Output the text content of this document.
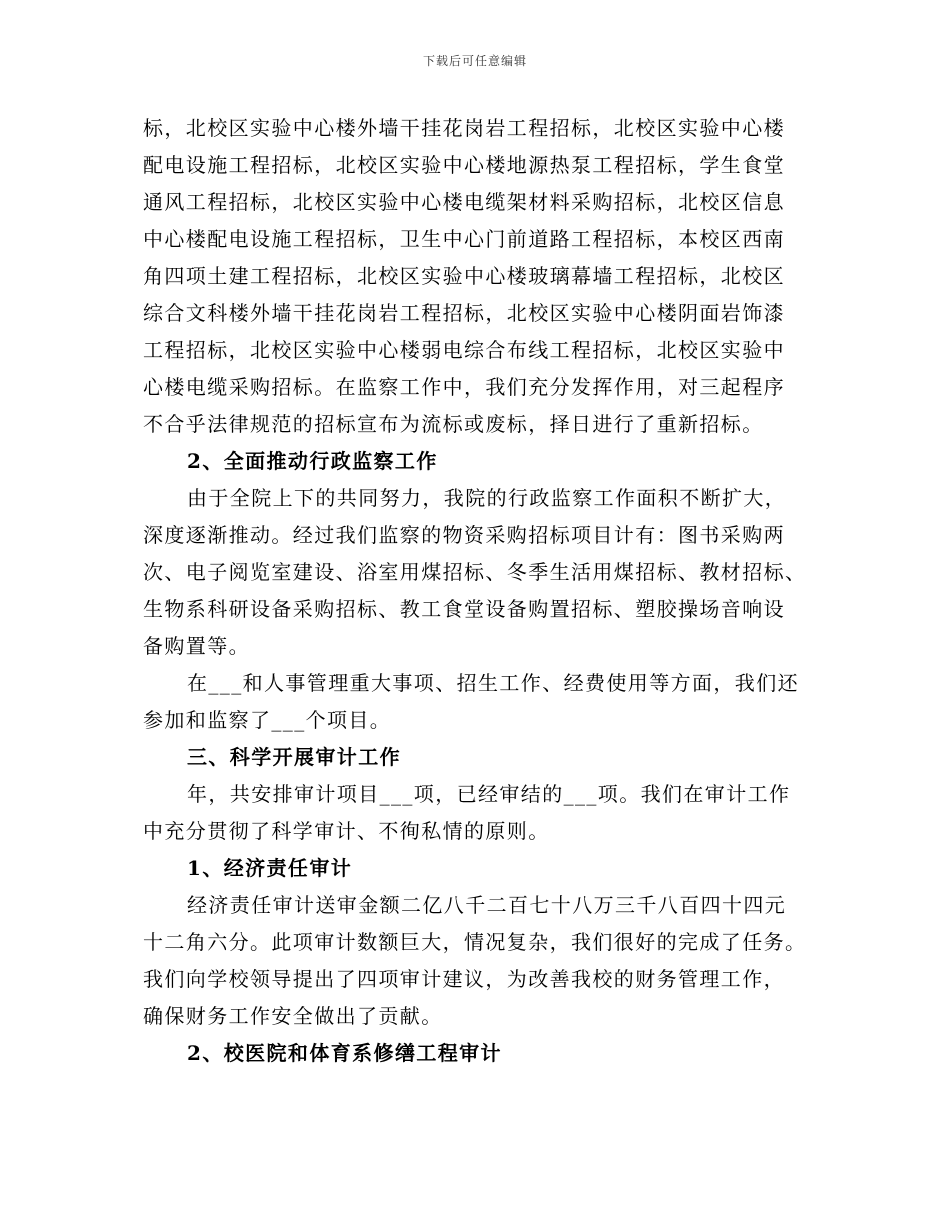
下载后可任意编辑
标，北校区实验中心楼外墙干挂花岗岩工程招标，北校区实验中心楼
配电设施工程招标，北校区实验中心楼地源热泵工程招标，学生食堂
通风工程招标，北校区实验中心楼电缆架材料采购招标，北校区信息
中心楼配电设施工程招标，卫生中心门前道路工程招标，本校区西南
角四项土建工程招标，北校区实验中心楼玻璃幕墙工程招标，北校区
综合文科楼外墙干挂花岗岩工程招标，北校区实验中心楼阴面岩饰漆
工程招标，北校区实验中心楼弱电综合布线工程招标，北校区实验中
心楼电缆采购招标。在监察工作中，我们充分发挥作用，对三起程序
不合乎法律规范的招标宣布为流标或废标，择日进行了重新招标。
2、全面推动行政监察工作
由于全院上下的共同努力，我院的行政监察工作面积不断扩大，
深度逐渐推动。经过我们监察的物资采购招标项目计有：图书采购两
次、电子阅览室建设、浴室用煤招标、冬季生活用煤招标、教材招标、
生物系科研设备采购招标、教工食堂设备购置招标、塑胶操场音响设
备购置等。
在___和人事管理重大事项、招生工作、经费使用等方面，我们还
参加和监察了___个项目。
三、科学开展审计工作
年，共安排审计项目___项，已经审结的___项。我们在审计工作
中充分贯彻了科学审计、不徇私情的原则。
1、经济责任审计
经济责任审计送审金额二亿八千二百七十八万三千八百四十四元
十二角六分。此项审计数额巨大，情况复杂，我们很好的完成了任务。
我们向学校领导提出了四项审计建议，为改善我校的财务管理工作，
确保财务工作安全做出了贡献。
2、校医院和体育系修缮工程审计
